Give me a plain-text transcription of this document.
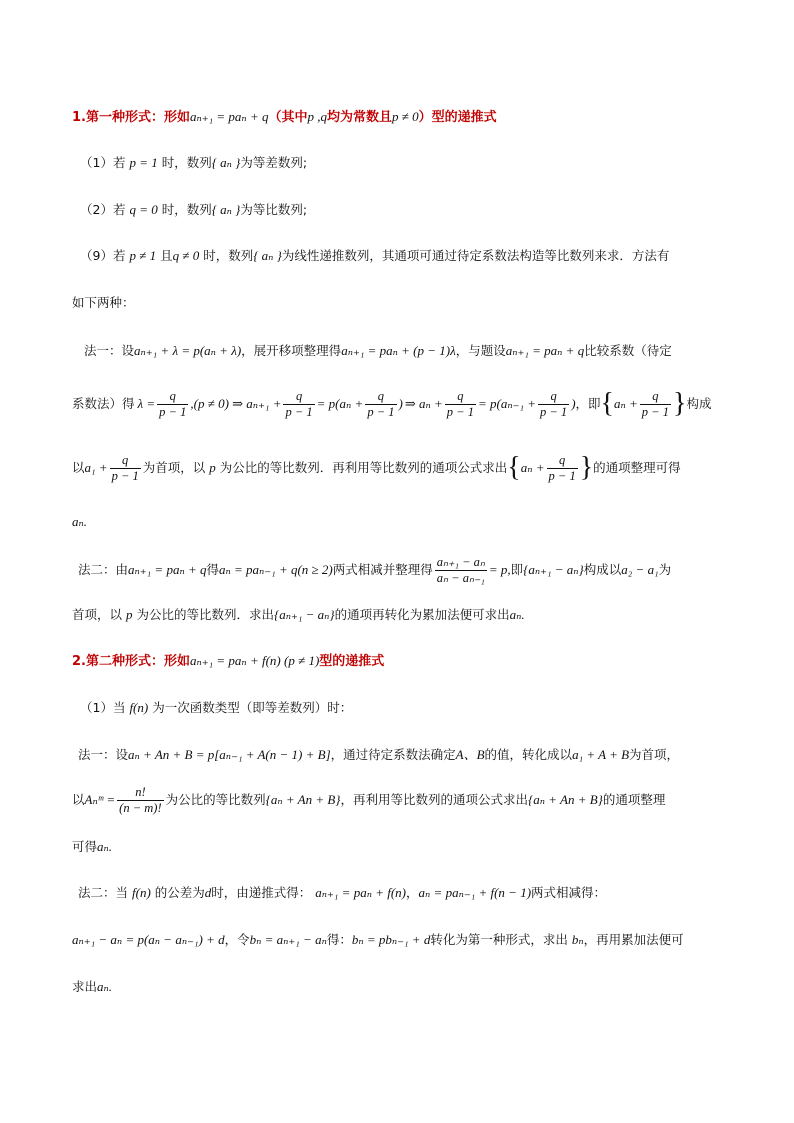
1.第一种形式：形如aₙ₊₁ = paₙ + q（其中p ,q均为常数且p ≠ 0）型的递推式
（1）若 p = 1 时，数列{ aₙ }为等差数列;
（2）若 q = 0 时，数列{ aₙ }为等比数列;
（9）若 p ≠ 1 且q ≠ 0 时，数列{ aₙ }为线性递推数列，其通项可通过待定系数法构造等比数列来求．方法有
如下两种：
法一：设aₙ₊₁ + λ = p(aₙ + λ)，展开移项整理得aₙ₊₁ = paₙ + (p − 1)λ，与题设aₙ₊₁ = paₙ + q比较系数（待定
系数法）得 $\lambda = \frac{q}{p - 1} ,(p \ne 0)$ ⇒ $a_{n+1} + \frac{q}{p - 1} = p(a_n + \frac{q}{p - 1}$ ) ⇒ $a_n + \frac{q}{p - 1} = p(a_{n-1} + \frac{q}{p - 1}$ ) ，即 { $a_n + \frac{q}{p - 1}$ } 构成
以 $a_1 + \frac{q}{p - 1}$ 为首项，以 p 为公比的等比数列．再利用等比数列的通项公式求出 { $a_n + \frac{q}{p - 1}$ } 的通项整理可得
aₙ.
法二：由 aₙ₊₁ = paₙ + q 得 aₙ = paₙ₋₁ + q(n ≥ 2) 两式相减并整理得 $\frac{\text{aₙ₊₁ − aₙ}}{\text{aₙ − aₙ₋₁}} = p$, 即 {aₙ₊₁ − aₙ} 构成以 a₂ − a₁ 为
首项，以 p 为公比的等比数列．求出{aₙ₊₁ − aₙ}的通项再转化为累加法便可求出aₙ.
2.第二种形式：形如aₙ₊₁ = paₙ + f(n) (p ≠ 1)型的递推式
（1）当 f(n) 为一次函数类型（即等差数列）时：
法一：设aₙ + An + B = p[aₙ₋₁ + A(n − 1) + B]，通过待定系数法确定A、B的值，转化成以a₁ + A + B为首项，
以 Aₙᵐ = $\frac{n!}{(n - m)!}$ 为公比的等比数列 {aₙ + An + B} ，再利用等比数列的通项公式求出 {aₙ + An + B} 的通项整理
可得aₙ.
法二：当 f(n) 的公差为d时，由递推式得： aₙ₊₁ = paₙ + f(n)，aₙ = paₙ₋₁ + f(n − 1)两式相减得：
aₙ₊₁ − aₙ = p(aₙ − aₙ₋₁) + d，令bₙ = aₙ₊₁ − aₙ得：bₙ = pbₙ₋₁ + d转化为第一种形式，求出 bₙ，再用累加法便可
求出aₙ.
